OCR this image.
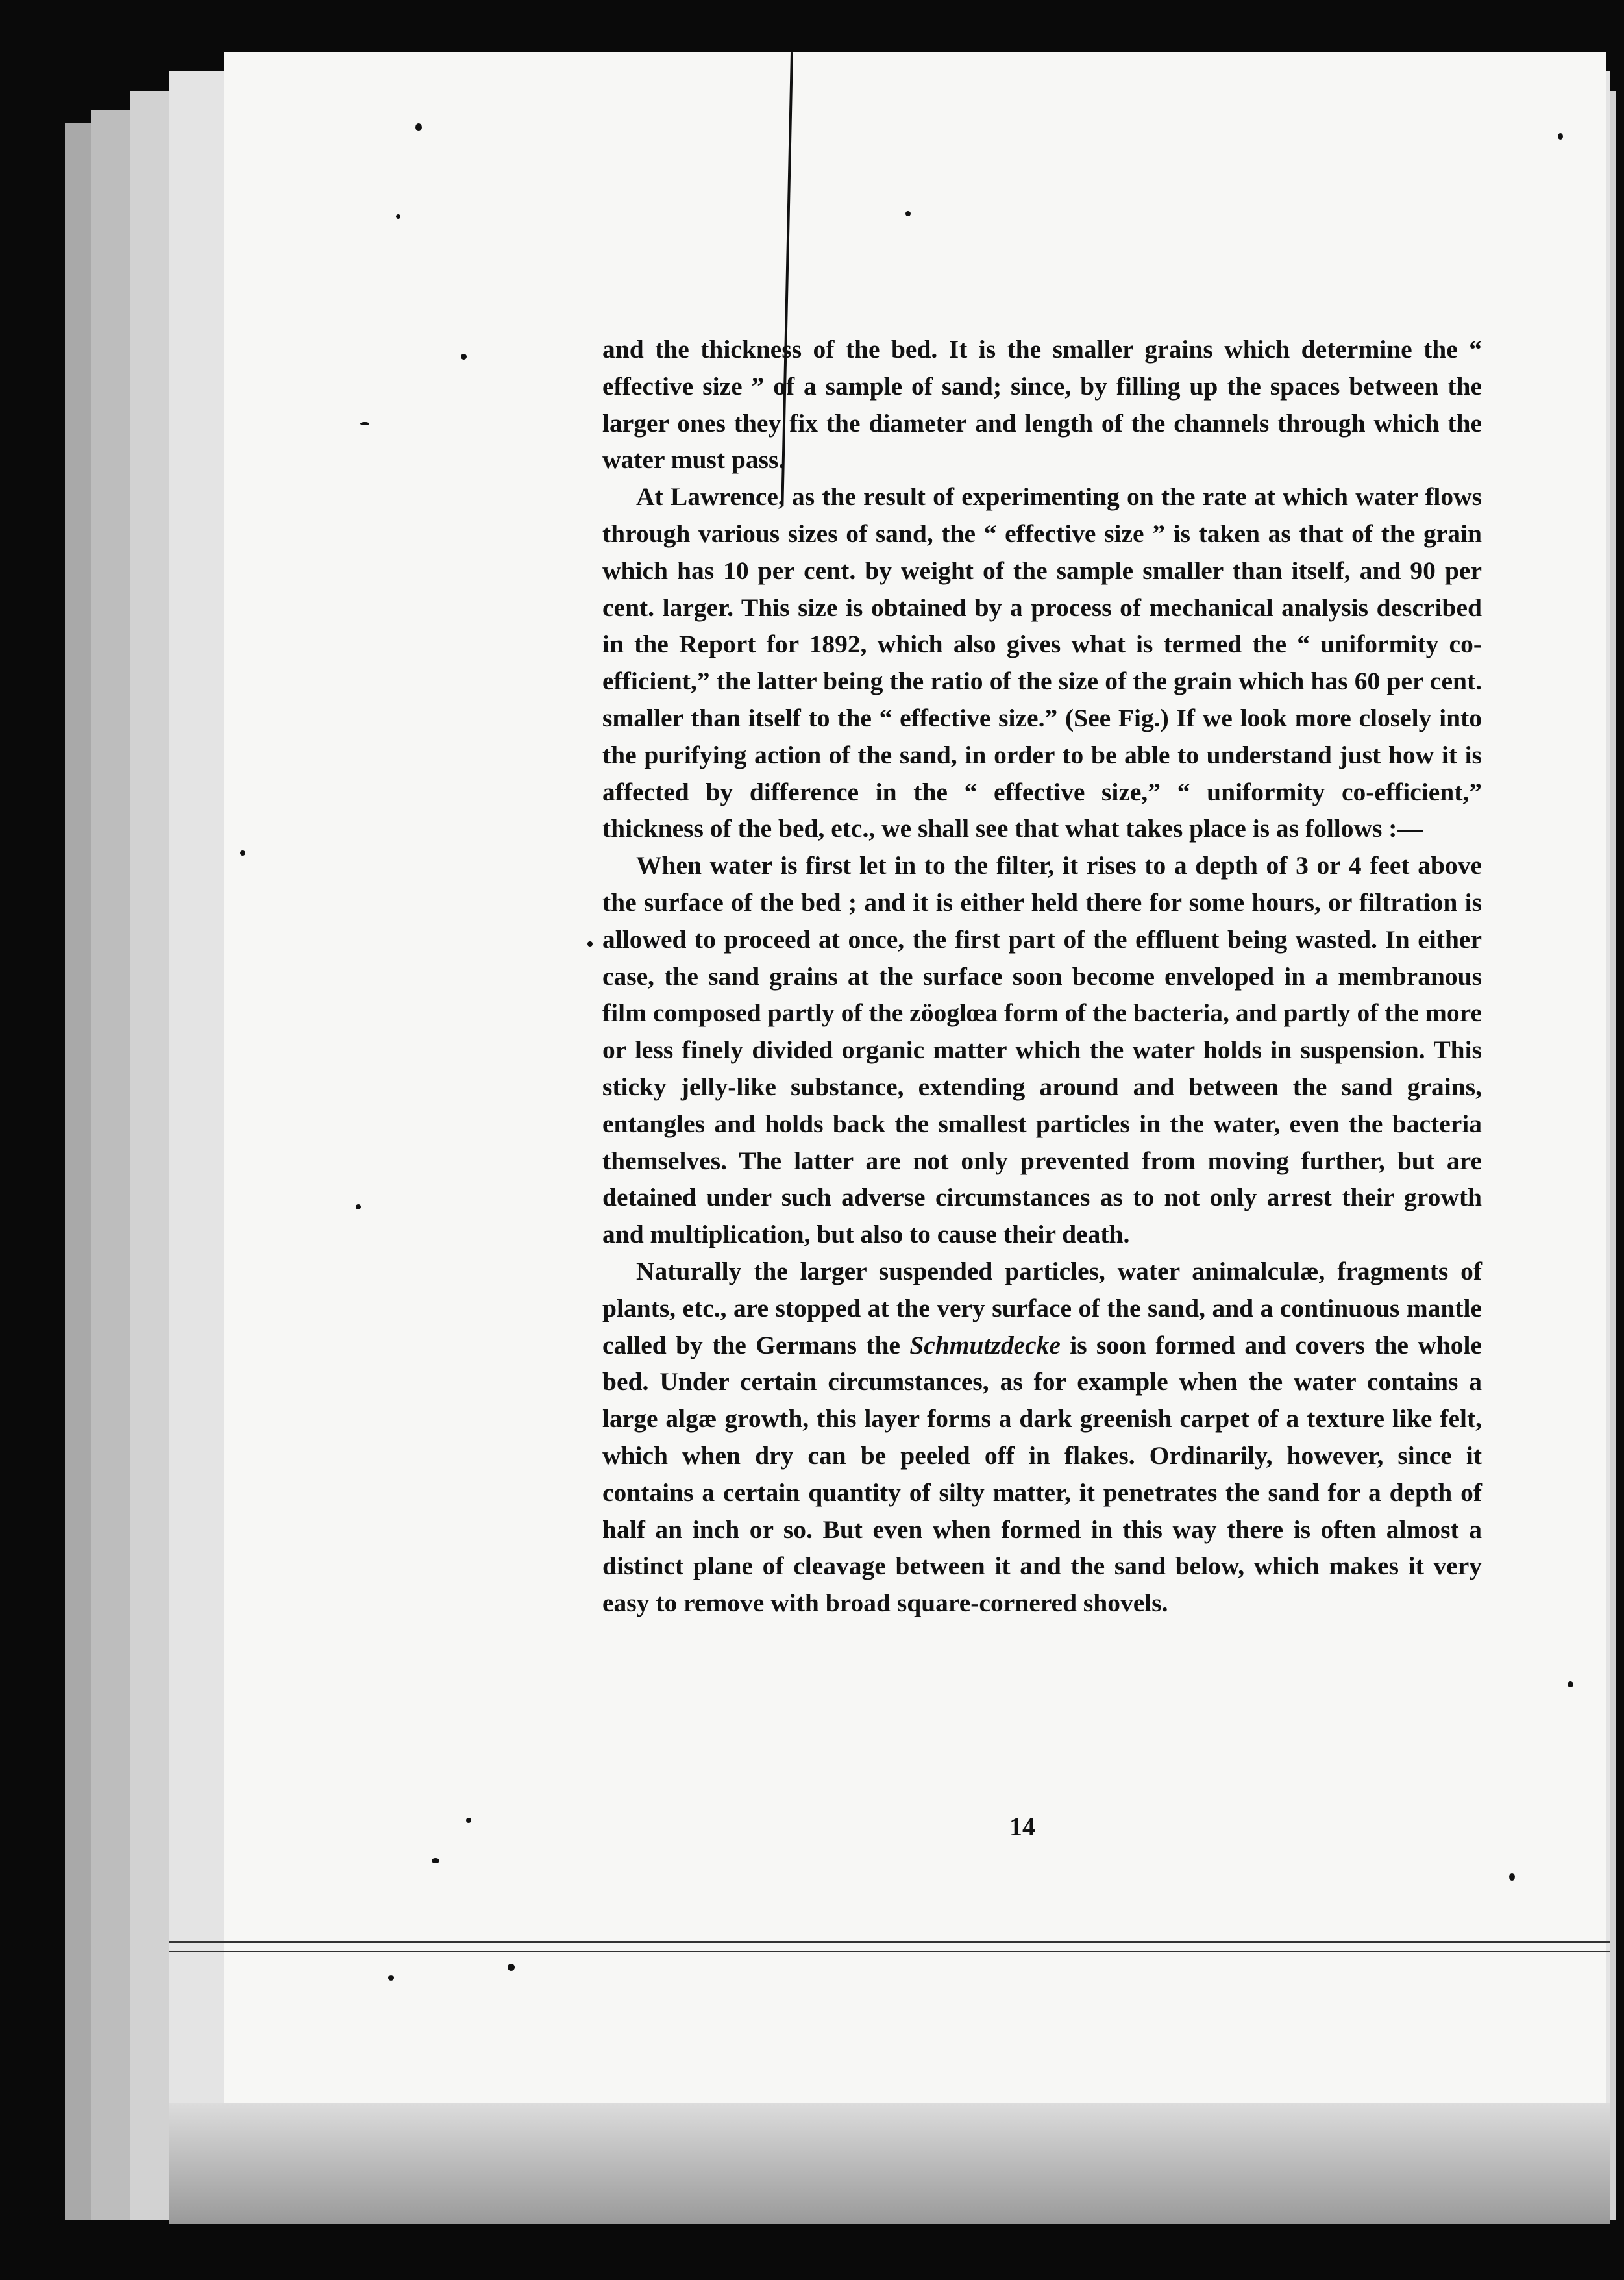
and the thickness of the bed. It is the smaller grains which determine the “ effective size ” of a sample of sand; since, by filling up the spaces between the larger ones they fix the diameter and length of the channels through which the water must pass.

At Lawrence, as the result of experimenting on the rate at which water flows through various sizes of sand, the “ effective size ” is taken as that of the grain which has 10 per cent. by weight of the sample smaller than itself, and 90 per cent. larger. This size is obtained by a process of mechanical analysis described in the Report for 1892, which also gives what is termed the “ uniformity co-efficient,” the latter being the ratio of the size of the grain which has 60 per cent. smaller than itself to the “ effective size.” (See Fig.) If we look more closely into the purifying action of the sand, in order to be able to understand just how it is affected by difference in the “ effective size,” “ uniformity co-efficient,” thickness of the bed, etc., we shall see that what takes place is as follows :—

When water is first let in to the filter, it rises to a depth of 3 or 4 feet above the surface of the bed ; and it is either held there for some hours, or filtration is allowed to proceed at once, the first part of the effluent being wasted. In either case, the sand grains at the surface soon become enveloped in a membranous film composed partly of the zöoglœa form of the bacteria, and partly of the more or less finely divided organic matter which the water holds in suspension. This sticky jelly-like substance, extending around and between the sand grains, entangles and holds back the smallest particles in the water, even the bacteria themselves. The latter are not only prevented from moving further, but are detained under such adverse circumstances as to not only arrest their growth and multiplication, but also to cause their death.

Naturally the larger suspended particles, water animalculæ, fragments of plants, etc., are stopped at the very surface of the sand, and a continuous mantle called by the Germans the Schmutzdecke is soon formed and covers the whole bed. Under certain circumstances, as for example when the water contains a large algæ growth, this layer forms a dark greenish carpet of a texture like felt, which when dry can be peeled off in flakes. Ordinarily, however, since it contains a certain quantity of silty matter, it penetrates the sand for a depth of half an inch or so. But even when formed in this way there is often almost a distinct plane of cleavage between it and the sand below, which makes it very easy to remove with broad square-cornered shovels.

14
